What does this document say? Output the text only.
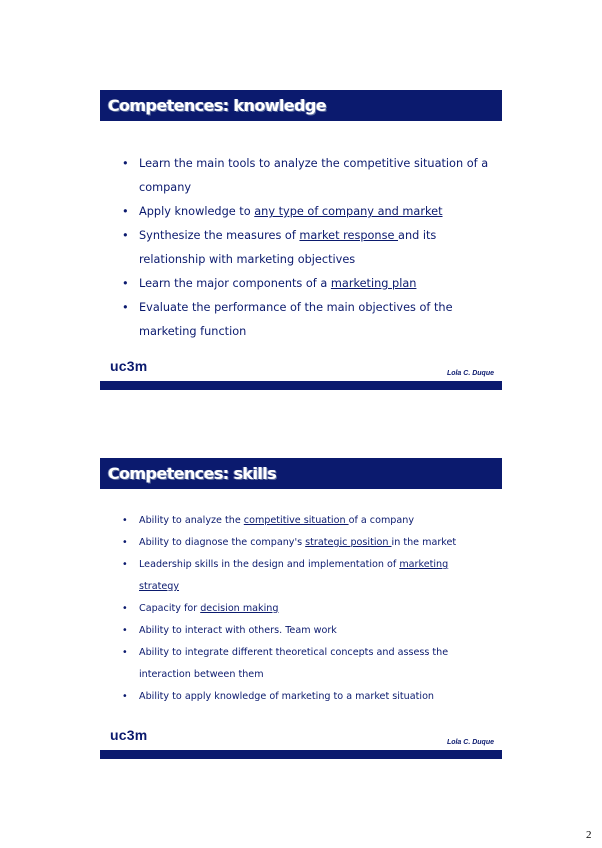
Competences: knowledge
• Learn the main tools to analyze the competitive situation of a company
• Apply knowledge to any type of company and market
• Synthesize the measures of market response and its relationship with marketing objectives
• Learn the major components of a marketing plan
• Evaluate the performance of the main objectives of the marketing function
uc3m	Lola C. Duque
Competences: skills
• Ability to analyze the competitive situation of a company
• Ability to diagnose the company's strategic position in the market
• Leadership skills in the design and implementation of marketing strategy
• Capacity for decision making
• Ability to interact with others. Team work
• Ability to integrate different theoretical concepts and assess the interaction between them
• Ability to apply knowledge of marketing to a market situation
uc3m	Lola C. Duque
2
